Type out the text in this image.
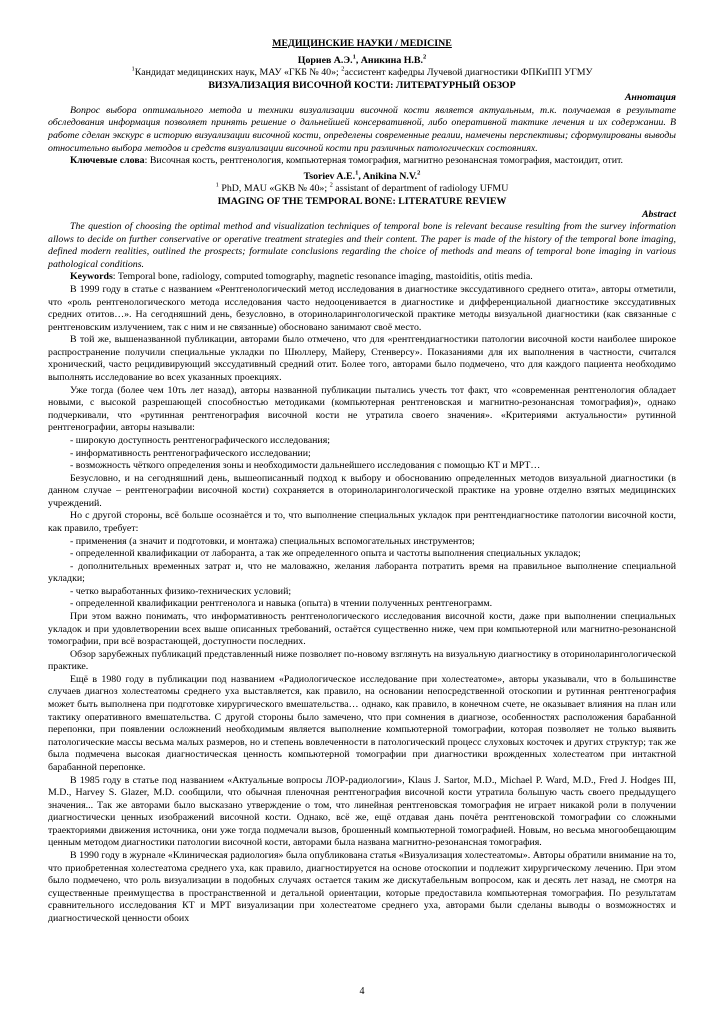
МЕДИЦИНСКИЕ НАУКИ / MEDICINE
Цориев А.Э.$^1$, Аникина Н.В.$^2$
$^1$Кандидат медицинских наук, МАУ «ГКБ № 40»; $^2$ассистент кафедры Лучевой диагностики ФПКиПП УГМУ
ВИЗУАЛИЗАЦИЯ ВИСОЧНОЙ КОСТИ: ЛИТЕРАТУРНЫЙ ОБЗОР
Аннотация
Вопрос выбора оптимального метода и техники визуализации височной кости является актуальным, т.к. получаемая в результате обследования информация позволяет принять решение о дальнейшей консервативной, либо оперативной тактике лечения и их содержании. В работе сделан экскурс в историю визуализации височной кости, определены современные реалии, намечены перспективы; сформулированы выводы относительно выбора методов и средств визуализации височной кости при различных патологических состояниях.
Ключевые слова: Височная кость, рентгенология, компьютерная томография, магнитно резонансная томография, мастоидит, отит.
Tsoriev A.E.$^1$, Anikina N.V.$^2$
$^1$ PhD, MAU «GKB № 40»; $^2$ assistant of department of radiology UFMU
IMAGING OF THE TEMPORAL BONE: LITERATURE REVIEW
Abstract
The question of choosing the optimal method and visualization techniques of temporal bone is relevant because resulting from the survey information allows to decide on further conservative or operative treatment strategies and their content. The paper is made of the history of the temporal bone imaging, defined modern realities, outlined the prospects; formulate conclusions regarding the choice of methods and means of temporal bone imaging in various pathological conditions.
Keywords: Temporal bone, radiology, computed tomography, magnetic resonance imaging, mastoiditis, otitis media.

В 1999 году в статье с названием «Рентгенологический метод исследования в диагностике экссудативного среднего отита», авторы отметили, что «роль рентгенологического метода исследования часто недооценивается в диагностике и дифференциальной диагностике экссудативных средних отитов…». На сегодняшний день, безусловно, в оториноларингологической практике методы визуальной диагностики (как связанные с рентгеновским излучением, так с ним и не связанные) обосновано занимают своё место.

В той же, вышеназванной публикации, авторами было отмечено, что для «рентгендиагностики патологии височной кости наиболее широкое распространение получили специальные укладки по Шюллеру, Майеру, Стенверсу». Показаниями для их выполнения в частности, считался хронический, часто рецидивирующий экссудативный средний отит. Более того, авторами было подмечено, что для каждого пациента необходимо выполнять исследование во всех указанных проекциях.

Уже тогда (более чем 10ть лет назад), авторы названной публикации пытались учесть тот факт, что «современная рентгенология обладает новыми, с высокой разрешающей способностью методиками (компьютерная рентгеновская и магнитно-резонансная томография)», однако подчеркивали, что «рутинная рентгенография височной кости не утратила своего значения». «Критериями актуальности» рутинной рентгенографии, авторы называли:

- широкую доступность рентгенографического исследования;

- информативность рентгенографического исследовании;

- возможность чёткого определения зоны и необходимости дальнейшего исследования с помощью КТ и МРТ…

Безусловно, и на сегодняшний день, вышеописанный подход к выбору и обоснованию определенных методов визуальной диагностики (в данном случае – рентгенографии височной кости) сохраняется в оториноларингологической практике на уровне отделно взятых медицинских учреждений.

Но с другой стороны, всё больше осознаётся и то, что выполнение специальных укладок при рентгендиагностике патологии височной кости, как правило, требует:

- применения (а значит и подготовки, и монтажа) специальных вспомогательных инструментов;

- определенной квалификации от лаборанта, а так же определенного опыта и частоты выполнения специальных укладок;

- дополнительных временных затрат и, что не маловажно, желания лаборанта потратить время на правильное выполнение специальной укладки;

- четко выработанных физико-технических условий;

- определенной квалификации рентгенолога и навыка (опыта) в чтении полученных рентгенограмм.

При этом важно понимать, что информативность рентгенологического исследования височной кости, даже при выполнении специальных укладок и при удовлетворении всех выше описанных требований, остаётся существенно ниже, чем при компьютерной или магнитно-резонансной томографии, при всё возрастающей, доступности последних.

Обзор зарубежных публикаций представленный ниже позволяет по-новому взглянуть на визуальную диагностику в оториноларингологической практике.

Ещё в 1980 году в публикации под названием «Радиологическое исследование при холестеатоме», авторы указывали, что в большинстве случаев диагноз холестеатомы среднего уха выставляется, как правило, на основании непосредственной отоскопии и рутинная рентгенография может быть выполнена при подготовке хирургического вмешательства… однако, как правило, в конечном счете, не оказывает влияния на план или тактику оперативного вмешательства. С другой стороны было замечено, что при сомнения в диагнозе, особенностях расположения барабанной перепонки, при появлении осложнений необходимым является выполнение компьютерной томографии, которая позволяет не только выявить патологические массы весьма малых размеров, но и степень вовлеченности в патологический процесс слуховых косточек и других структур; так же была подмечена высокая диагностическая ценность компьютерной томографии при диагностики врожденных холестеатом при интактной барабанной перепонке.

В 1985 году в статье под названием «Актуальные вопросы ЛОР-радиологии», Klaus J. Sartor, M.D., Michael P. Ward, M.D., Fred J. Hodges III, M.D., Harvey S. Glazer, M.D. сообщили, что обычная пленочная рентгенография височной кости утратила большую часть своего предыдущего значения... Так же авторами было высказано утверждение о том, что линейная рентгеновская томография не играет никакой роли в получении диагностически ценных изображений височной кости. Однако, всё же, ещё отдавая дань почёта рентгеновской томографии со сложными траекториями движения источника, они уже тогда подмечали вызов, брошенный компьютерной томографией. Новым, но весьма многообещающим ценным методом диагностики патологии височной кости, авторами была названа магнитно-резонансная томография.

В 1990 году в журнале «Клиническая радиология» была опубликована статья «Визуализация холестеатомы». Авторы обратили внимание на то, что приобретенная холестеатома среднего уха, как правило, диагностируется на основе отоскопии и подлежит хирургическому лечению. При этом было подмечено, что роль визуализации в подобных случаях остается таким же дискутабельным вопросом, как и десять лет назад, не смотря на существенные преимущества в пространственной и детальной ориентации, которые предоставила компьютерная томография. По результатам сравнительного исследования КТ и МРТ визуализации при холестеатоме среднего уха, авторами были сделаны выводы о возможностях и диагностической ценности обоих

4
